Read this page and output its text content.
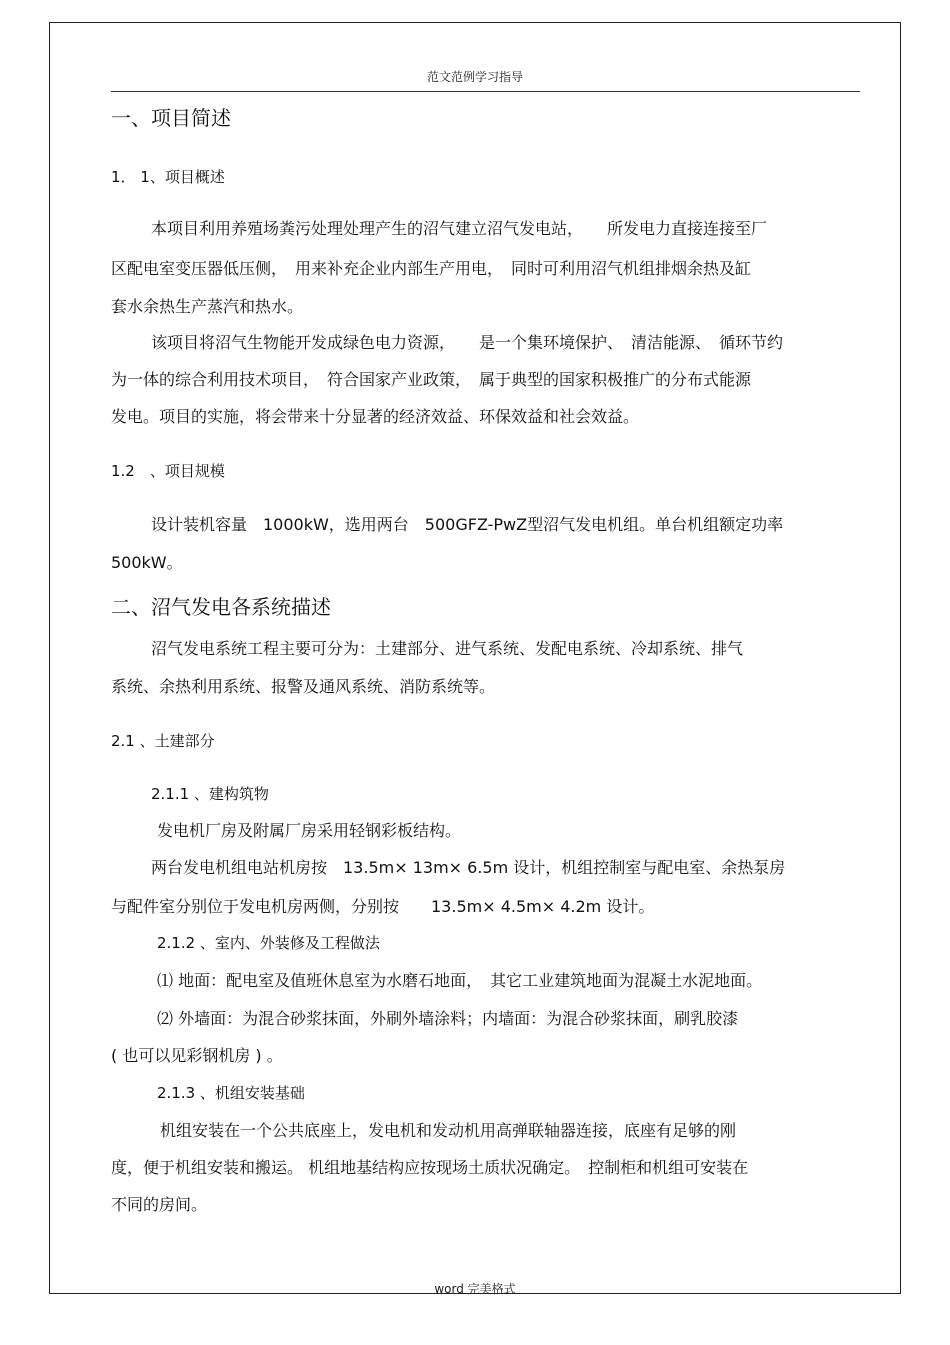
范文范例学习指导
一、项目简述
1． 1、项目概述
本项目利用养殖场粪污处理处理产生的沼气建立沼气发电站，　　所发电力直接连接至厂
区配电室变压器低压侧，　用来补充企业内部生产用电，　同时可利用沼气机组排烟余热及缸
套水余热生产蒸汽和热水。
该项目将沼气生物能开发成绿色电力资源，　　是一个集环境保护、　清洁能源、　循环节约
为一体的综合利用技术项目，　符合国家产业政策，　属于典型的国家积极推广的分布式能源
发电。项目的实施，将会带来十分显著的经济效益、环保效益和社会效益。
1.2　、项目规模
设计装机容量　1000kW，选用两台　500GFZ-PwZ型沼气发电机组。单台机组额定功率
500kW。
二、沼气发电各系统描述
沼气发电系统工程主要可分为：土建部分、进气系统、发配电系统、冷却系统、排气
系统、余热利用系统、报警及通风系统、消防系统等。
2.1 、土建部分
2.1.1 、建构筑物
发电机厂房及附属厂房采用轻钢彩板结构。
两台发电机组电站机房按　13.5m× 13m× 6.5m 设计，机组控制室与配电室、余热泵房
与配件室分别位于发电机房两侧，分别按　　13.5m× 4.5m× 4.2m 设计。
2.1.2 、室内、外装修及工程做法
⑴ 地面：配电室及值班休息室为水磨石地面，　其它工业建筑地面为混凝土水泥地面。
⑵ 外墙面：为混合砂浆抹面，外刷外墙涂料；内墙面：为混合砂浆抹面，刷乳胶漆
( 也可以见彩钢机房 ) 。
2.1.3 、机组安装基础
机组安装在一个公共底座上，发电机和发动机用高弹联轴器连接，底座有足够的刚
度，便于机组安装和搬运。 机组地基结构应按现场土质状况确定。　控制柜和机组可安装在
不同的房间。
word 完美格式
